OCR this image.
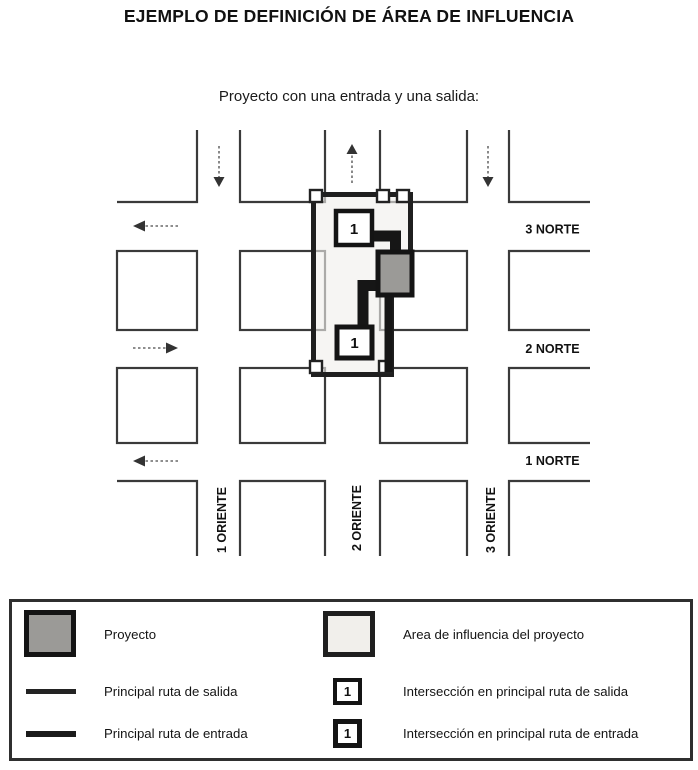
EJEMPLO DE DEFINICIÓN DE ÁREA DE INFLUENCIA
Proyecto con una entrada y una salida:
1
1
3 NORTE
2 NORTE
1 NORTE
1 ORIENTE	2 ORIENTE	3 ORIENTE
Proyecto
Principal ruta de salida
Principal ruta de entrada
Area de influencia del proyecto
1	Intersección en principal ruta de salida
1	Intersección en principal ruta de entrada
